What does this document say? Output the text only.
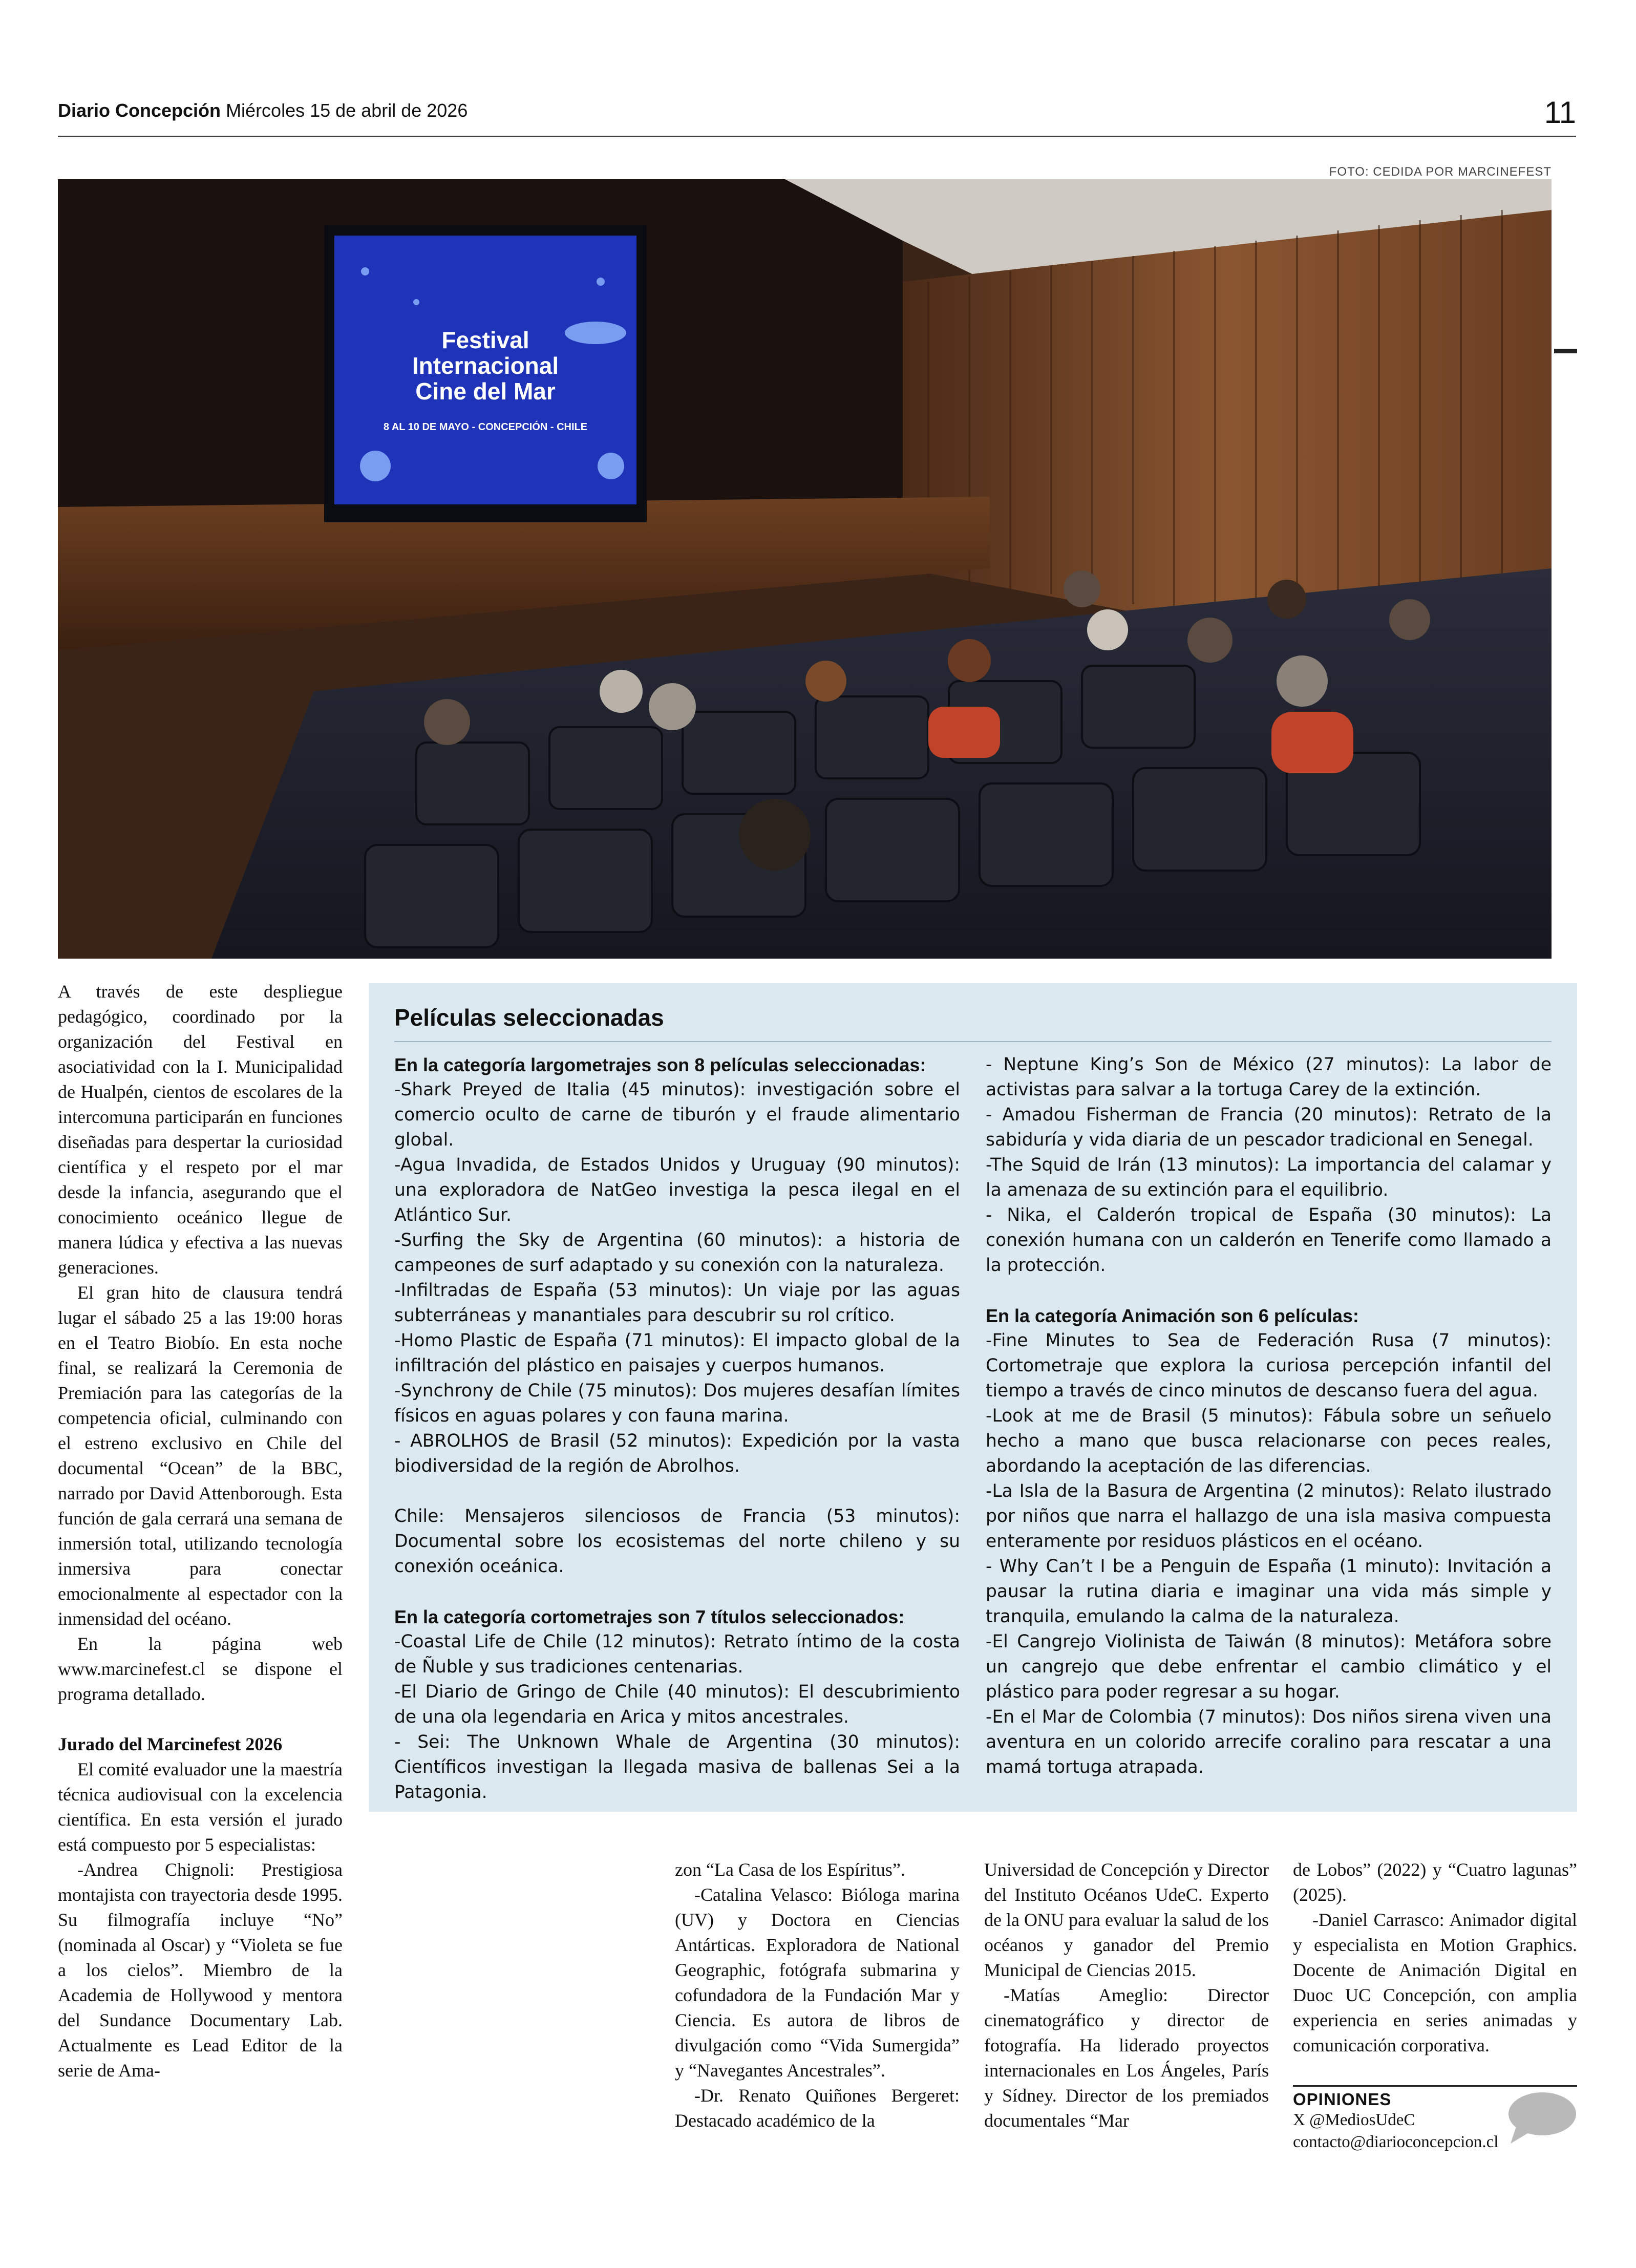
Diario Concepción Miércoles 15 de abril de 2026	11
FOTO: CEDIDA POR MARCINEFEST
Festival
Internacional
Cine del Mar
8 AL 10 DE MAYO - CONCEPCIÓN - CHILE

A través de este despliegue pedagógico, coordinado por la organización del Festival en asociatividad con la I. Municipalidad de Hualpén, cientos de escolares de la intercomuna participarán en funciones diseñadas para despertar la curiosidad científica y el respeto por el mar desde la infancia, asegurando que el conocimiento oceánico llegue de manera lúdica y efectiva a las nuevas generaciones.

El gran hito de clausura tendrá lugar el sábado 25 a las 19:00 horas en el Teatro Biobío. En esta noche final, se realizará la Ceremonia de Premiación para las categorías de la competencia oficial, culminando con el estreno exclusivo en Chile del documental “Ocean” de la BBC, narrado por David Attenborough. Esta función de gala cerrará una semana de inmersión total, utilizando tecnología inmersiva para conectar emocionalmente al espectador con la inmensidad del océano.

En la página web www.marcinefest.cl se dispone el programa detallado.

Jurado del Marcinefest 2026

El comité evaluador une la maestría técnica audiovisual con la excelencia científica. En esta versión el jurado está compuesto por 5 especialistas:

-Andrea Chignoli: Prestigiosa montajista con trayectoria desde 1995. Su filmografía incluye “No” (nominada al Oscar) y “Violeta se fue a los cielos”. Miembro de la Academia de Hollywood y mentora del Sundance Documentary Lab. Actualmente es Lead Editor de la serie de Ama-

Películas seleccionadas

En la categoría largometrajes son 8 películas seleccionadas:

-Shark Preyed de Italia (45 minutos): investigación sobre el comercio oculto de carne de tiburón y el fraude alimentario global.

-Agua Invadida, de Estados Unidos y Uruguay (90 minutos): una exploradora de NatGeo investiga la pesca ilegal en el Atlántico Sur.

-Surfing the Sky de Argentina (60 minutos): a historia de campeones de surf adaptado y su conexión con la naturaleza.

-Infiltradas de España (53 minutos): Un viaje por las aguas subterráneas y manantiales para descubrir su rol crítico.

-Homo Plastic de España (71 minutos): El impacto global de la infiltración del plástico en paisajes y cuerpos humanos.

-Synchrony de Chile (75 minutos): Dos mujeres desafían límites físicos en aguas polares y con fauna marina.

- ABROLHOS de Brasil (52 minutos): Expedición por la vasta biodiversidad de la región de Abrolhos.

Chile: Mensajeros silenciosos de Francia (53 minutos): Documental sobre los ecosistemas del norte chileno y su conexión oceánica.

En la categoría cortometrajes son 7 títulos seleccionados:

-Coastal Life de Chile (12 minutos): Retrato íntimo de la costa de Ñuble y sus tradiciones centenarias.

-El Diario de Gringo de Chile (40 minutos): El descubrimiento de una ola legendaria en Arica y mitos ancestrales.

- Sei: The Unknown Whale de Argentina (30 minutos): Científicos investigan la llegada masiva de ballenas Sei a la Patagonia.

- Neptune King’s Son de México (27 minutos): La labor de activistas para salvar a la tortuga Carey de la extinción.

- Amadou Fisherman de Francia (20 minutos): Retrato de la sabiduría y vida diaria de un pescador tradicional en Senegal.

-The Squid de Irán (13 minutos): La importancia del calamar y la amenaza de su extinción para el equilibrio.

- Nika, el Calderón tropical de España (30 minutos): La conexión humana con un calderón en Tenerife como llamado a la protección.

En la categoría Animación son 6 películas:

-Fine Minutes to Sea de Federación Rusa (7 minutos): Cortometraje que explora la curiosa percepción infantil del tiempo a través de cinco minutos de descanso fuera del agua.

-Look at me de Brasil (5 minutos): Fábula sobre un señuelo hecho a mano que busca relacionarse con peces reales, abordando la aceptación de las diferencias.

-La Isla de la Basura de Argentina (2 minutos): Relato ilustrado por niños que narra el hallazgo de una isla masiva compuesta enteramente por residuos plásticos en el océano.

- Why Can’t I be a Penguin de España (1 minuto): Invitación a pausar la rutina diaria e imaginar una vida más simple y tranquila, emulando la calma de la naturaleza.

-El Cangrejo Violinista de Taiwán (8 minutos): Metáfora sobre un cangrejo que debe enfrentar el cambio climático y el plástico para poder regresar a su hogar.

-En el Mar de Colombia (7 minutos): Dos niños sirena viven una aventura en un colorido arrecife coralino para rescatar a una mamá tortuga atrapada.

zon “La Casa de los Espíritus”.

-Catalina Velasco: Bióloga marina (UV) y Doctora en Ciencias Antárticas. Exploradora de National Geographic, fotógrafa submarina y cofundadora de la Fundación Mar y Ciencia. Es autora de libros de divulgación como “Vida Sumergida” y “Navegantes Ancestrales”.

-Dr. Renato Quiñones Bergeret: Destacado académico de la

Universidad de Concepción y Director del Instituto Océanos UdeC. Experto de la ONU para evaluar la salud de los océanos y ganador del Premio Municipal de Ciencias 2015.

-Matías Ameglio: Director cinematográfico y director de fotografía. Ha liderado proyectos internacionales en Los Ángeles, París y Sídney. Director de los premiados documentales “Mar

de Lobos” (2022) y “Cuatro lagunas” (2025).

-Daniel Carrasco: Animador digital y especialista en Motion Graphics. Docente de Animación Digital en Duoc UC Concepción, con amplia experiencia en series animadas y comunicación corporativa.

OPINIONES
X @MediosUdeC
contacto@diarioconcepcion.cl
